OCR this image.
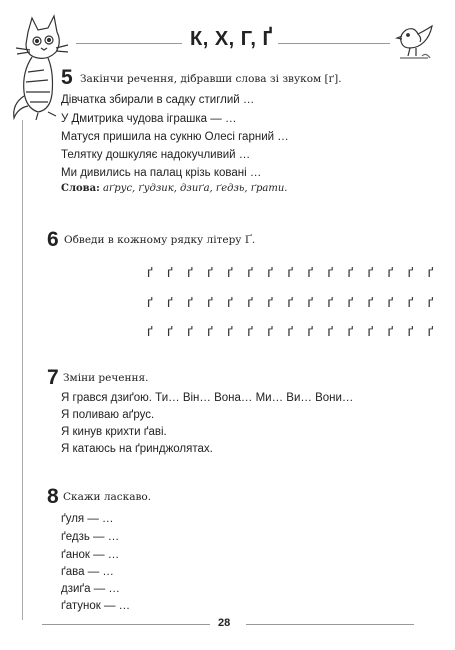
К, Х, Г, Ґ
5 Закінчи речення, дібравши слова зі звуком [ґ].
Дівчатка збирали в садку стиглий …
У Дмитрика чудова іграшка — …
Матуся пришила на сукню Олесі гарний …
Телятку дошкуляє надокучливий …
Ми дивились на палац крізь ковані …
Слова: аґрус, ґудзик, дзиґа, ґедзь, ґрати.
6 Обведи в кожному рядку літеру Ґ.
ґ ґ ґ ґ ґ ґ ґ ґ ґ ґ ґ ґ ґ ґ ґ
ґ ґ ґ ґ ґ ґ ґ ґ ґ ґ ґ ґ ґ ґ ґ
ґ ґ ґ ґ ґ ґ ґ ґ ґ ґ ґ ґ ґ ґ ґ
7 Зміни речення.
Я грався дзиґою. Ти… Він… Вона… Ми… Ви… Вони…
Я поливаю аґрус.
Я кинув крихти ґаві.
Я катаюсь на ґринджолятах.
8 Скажи ласкаво.
ґуля — …
ґедзь — …
ґанок — …
ґава — …
дзиґа — …
ґатунок — …
28
